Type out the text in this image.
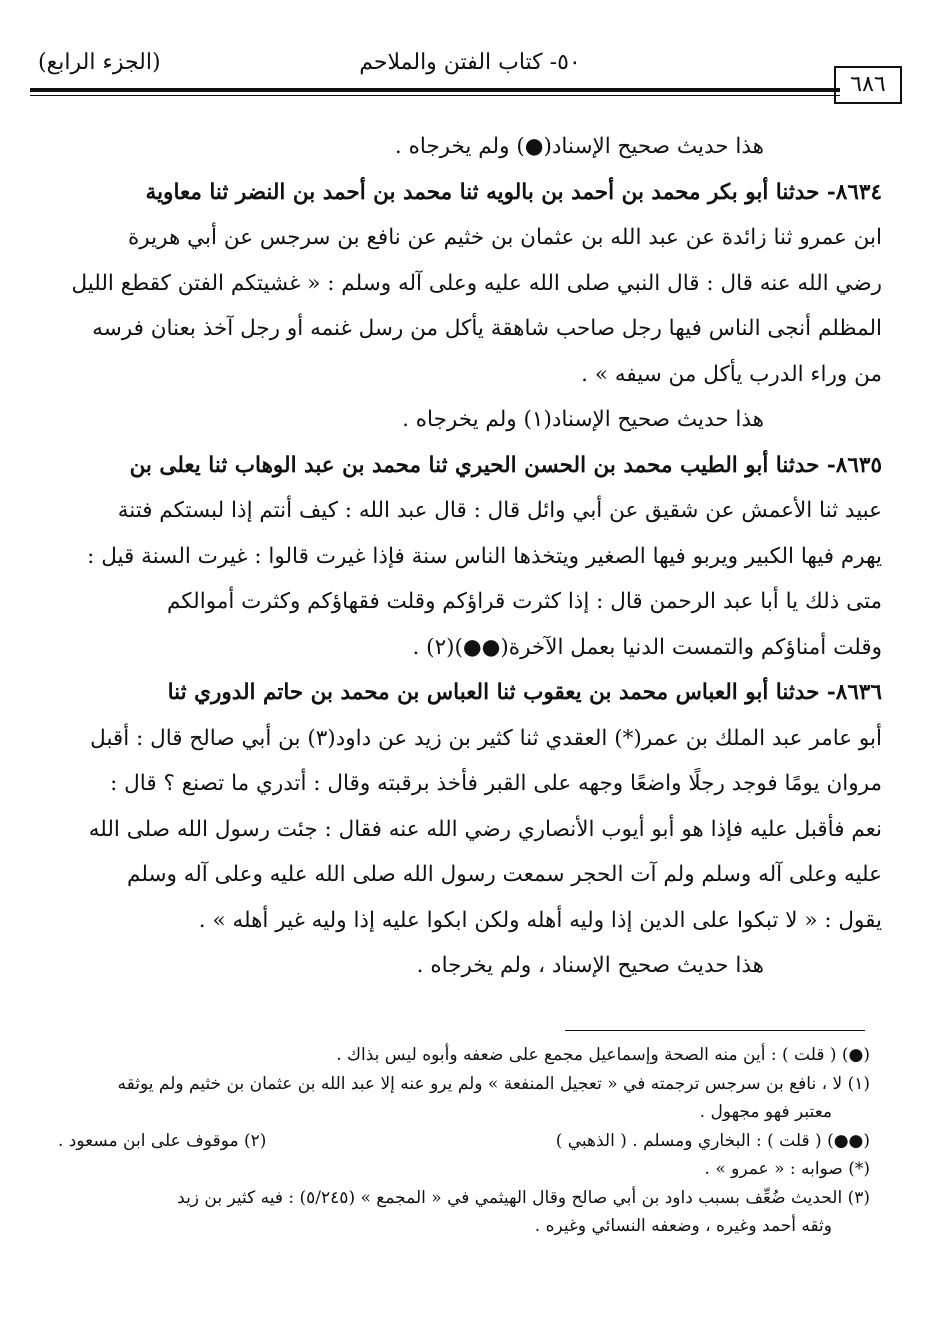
(الجزء الرابع)	٥٠- كتاب الفتن والملاحم
٦٨٦

هذا حديث صحيح الإسناد(●) ولم يخرجاه .

٨٦٣٤- حدثنا أبو بكر محمد بن أحمد بن بالويه ثنا محمد بن أحمد بن النضر ثنا معاوية

ابن عمرو ثنا زائدة عن عبد الله بن عثمان بن خثيم عن نافع بن سرجس عن أبي هريرة

رضي الله عنه قال : قال النبي صلى الله عليه وعلى آله وسلم : « غشيتكم الفتن كقطع الليل

المظلم أنجى الناس فيها رجل صاحب شاهقة يأكل من رسل غنمه أو رجل آخذ بعنان فرسه

من وراء الدرب يأكل من سيفه » .

هذا حديث صحيح الإسناد(١) ولم يخرجاه .

٨٦٣٥- حدثنا أبو الطيب محمد بن الحسن الحيري ثنا محمد بن عبد الوهاب ثنا يعلى بن

عبيد ثنا الأعمش عن شقيق عن أبي وائل قال : قال عبد الله : كيف أنتم إذا لبستكم فتنة

يهرم فيها الكبير ويربو فيها الصغير ويتخذها الناس سنة فإذا غيرت قالوا : غيرت السنة قيل :

متى ذلك يا أبا عبد الرحمن قال : إذا كثرت قراؤكم وقلت فقهاؤكم وكثرت أموالكم

وقلت أمناؤكم والتمست الدنيا بعمل الآخرة(●●)(٢) .

٨٦٣٦- حدثنا أبو العباس محمد بن يعقوب ثنا العباس بن محمد بن حاتم الدوري ثنا

أبو عامر عبد الملك بن عمر(*) العقدي ثنا كثير بن زيد عن داود(٣) بن أبي صالح قال : أقبل

مروان يومًا فوجد رجلًا واضعًا وجهه على القبر فأخذ برقبته وقال : أتدري ما تصنع ؟ قال :

نعم فأقبل عليه فإذا هو أبو أيوب الأنصاري رضي الله عنه فقال : جئت رسول الله صلى الله

عليه وعلى آله وسلم ولم آت الحجر سمعت رسول الله صلى الله عليه وعلى آله وسلم

يقول : « لا تبكوا على الدين إذا وليه أهله ولكن ابكوا عليه إذا وليه غير أهله » .

هذا حديث صحيح الإسناد ، ولم يخرجاه .

(●) ( قلت ) : أين منه الصحة وإسماعيل مجمع على ضعفه وأبوه ليس بذاك .

(١) لا ، نافع بن سرجس ترجمته في « تعجيل المنفعة » ولم يرو عنه إلا عبد الله بن عثمان بن خثيم ولم يوثقه

معتبر فهو مجهول .

(●●) ( قلت ) : البخاري ومسلم . ( الذهبي )
(٢) موقوف على ابن مسعود .

(*) صوابه : « عمرو » .

(٣) الحديث ضُعِّف بسبب داود بن أبي صالح وقال الهيثمي في « المجمع » (٥/٢٤٥) : فيه كثير بن زيد

وثقه أحمد وغيره ، وضعفه النسائي وغيره .
